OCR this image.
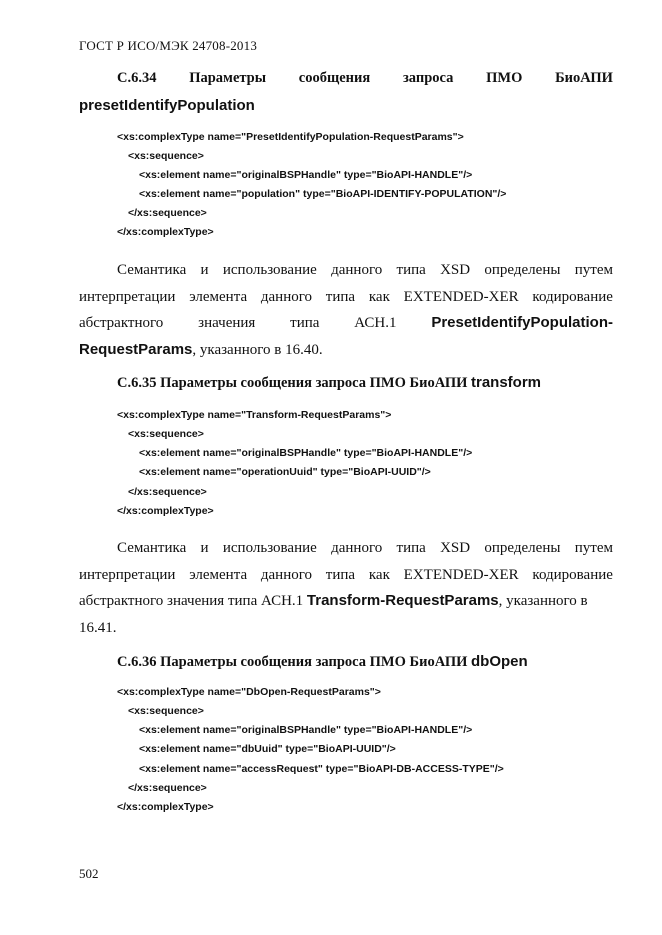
ГОСТ Р ИСО/МЭК 24708-2013
С.6.34 Параметры сообщения запроса ПМО БиоАПИ
presetIdentifyPopulation
<xs:complexType name="PresetIdentifyPopulation-RequestParams">
<xs:sequence>
<xs:element name="originalBSPHandle" type="BioAPI-HANDLE"/>
<xs:element name="population" type="BioAPI-IDENTIFY-POPULATION"/>
</xs:sequence>
</xs:complexType>
Семантика и использование данного типа XSD определены путем
интерпретации элемента данного типа как EXTENDED-XER кодирование
абстрактного значения типа АСН.1 PresetIdentifyPopulation-
RequestParams , указанного в 16.40.
С.6.35 Параметры сообщения запроса ПМО БиоАПИ transform
<xs:complexType name="Transform-RequestParams">
<xs:sequence>
<xs:element name="originalBSPHandle" type="BioAPI-HANDLE"/>
<xs:element name="operationUuid" type="BioAPI-UUID"/>
</xs:sequence>
</xs:complexType>
Семантика и использование данного типа XSD определены путем
интерпретации элемента данного типа как EXTENDED-XER кодирование
абстрактного значения типа АСН.1 Transform-RequestParams , указанного в
16.41.
С.6.36 Параметры сообщения запроса ПМО БиоАПИ dbOpen
<xs:complexType name="DbOpen-RequestParams">
<xs:sequence>
<xs:element name="originalBSPHandle" type="BioAPI-HANDLE"/>
<xs:element name="dbUuid" type="BioAPI-UUID"/>
<xs:element name="accessRequest" type="BioAPI-DB-ACCESS-TYPE"/>
</xs:sequence>
</xs:complexType>
502
